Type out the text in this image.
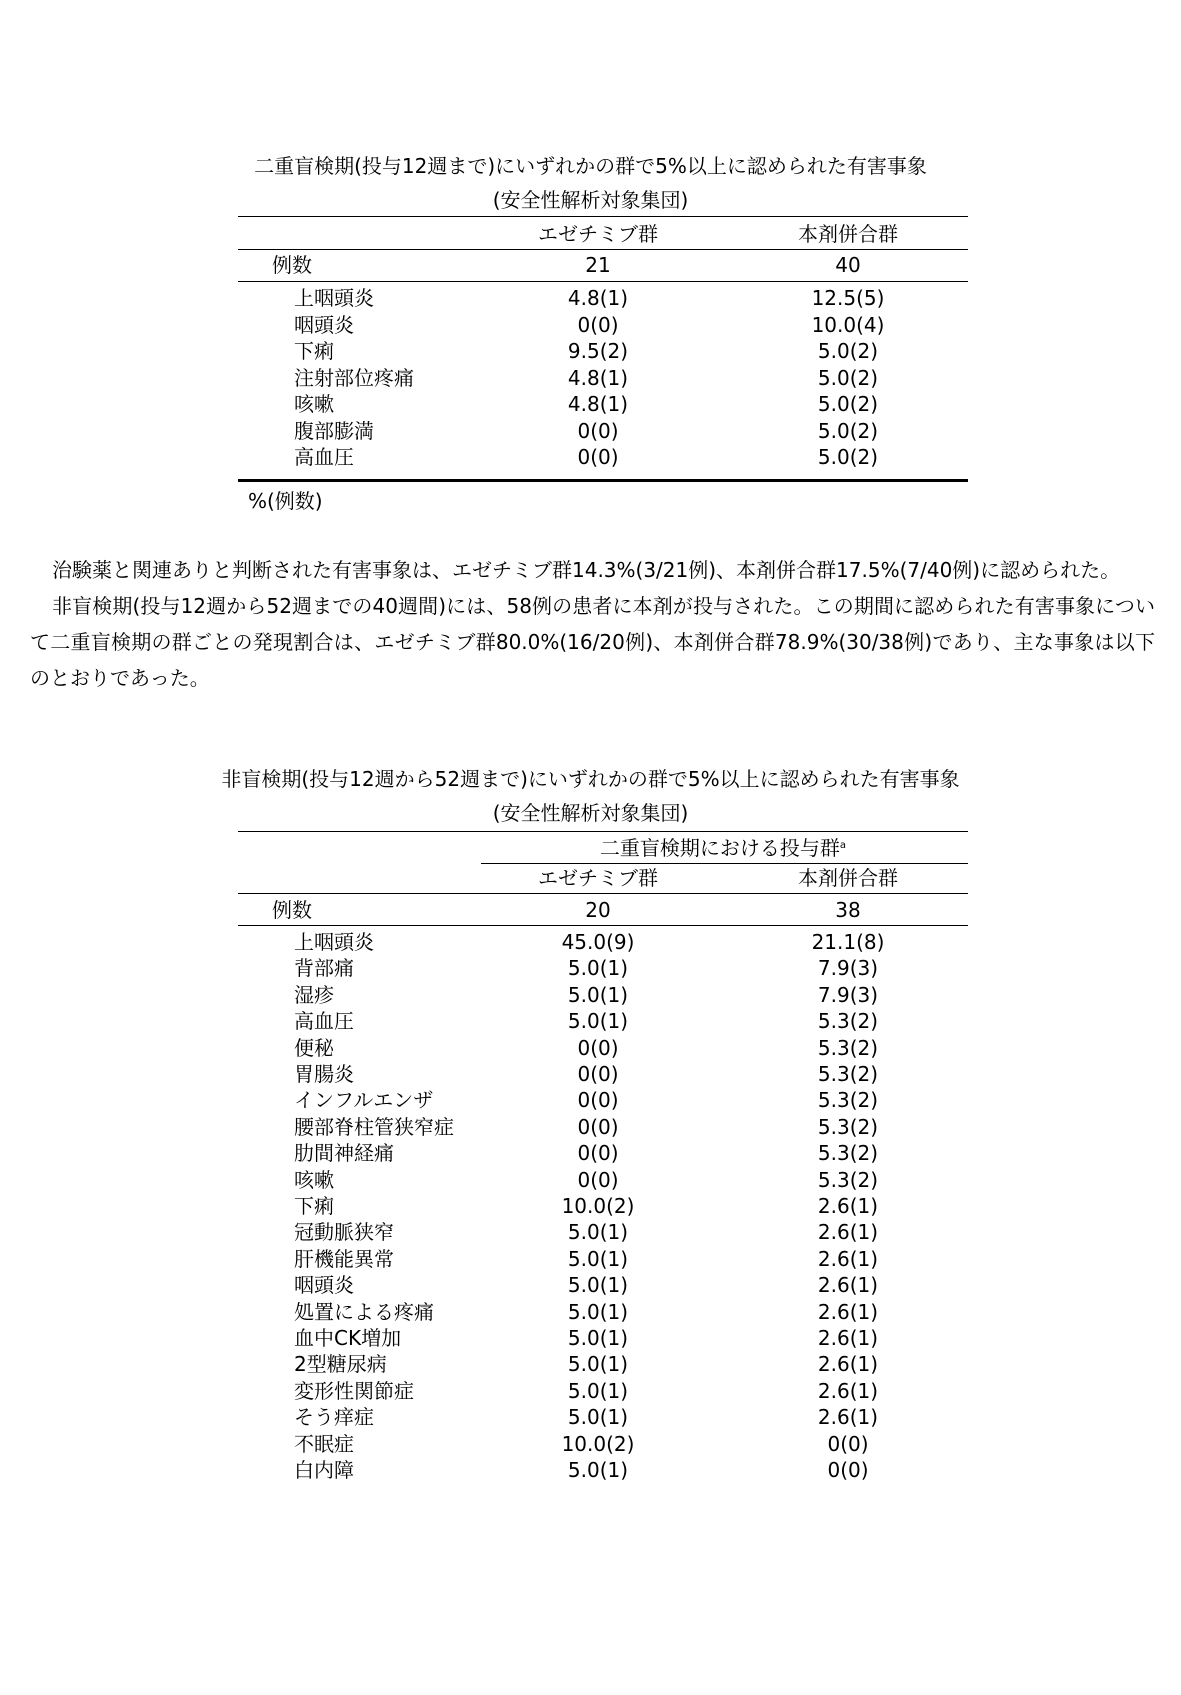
二重盲検期(投与12週まで)にいずれかの群で5%以上に認められた有害事象
(安全性解析対象集団)
エゼチミブ群	本剤併合群
例数	21	40
上咽頭炎	4.8(1)	12.5(5)
咽頭炎	0(0)	10.0(4)
下痢	9.5(2)	5.0(2)
注射部位疼痛	4.8(1)	5.0(2)
咳嗽	4.8(1)	5.0(2)
腹部膨満	0(0)	5.0(2)
高血圧	0(0)	5.0(2)
%(例数)

治験薬と関連ありと判断された有害事象は、エゼチミブ群14.3%(3/21例)、本剤併合群17.5%(7/40例)に認められた。

非盲検期(投与12週から52週までの40週間)には、58例の患者に本剤が投与された。この期間に認められた有害事象について二重盲検期の群ごとの発現割合は、エゼチミブ群80.0%(16/20例)、本剤併合群78.9%(30/38例)であり、主な事象は以下のとおりであった。

非盲検期(投与12週から52週まで)にいずれかの群で5%以上に認められた有害事象
(安全性解析対象集団)
二重盲検期における投与群$^a$
エゼチミブ群	本剤併合群
例数	20	38
上咽頭炎	45.0(9)	21.1(8)
背部痛	5.0(1)	7.9(3)
湿疹	5.0(1)	7.9(3)
高血圧	5.0(1)	5.3(2)
便秘	0(0)	5.3(2)
胃腸炎	0(0)	5.3(2)
インフルエンザ	0(0)	5.3(2)
腰部脊柱管狭窄症	0(0)	5.3(2)
肋間神経痛	0(0)	5.3(2)
咳嗽	0(0)	5.3(2)
下痢	10.0(2)	2.6(1)
冠動脈狭窄	5.0(1)	2.6(1)
肝機能異常	5.0(1)	2.6(1)
咽頭炎	5.0(1)	2.6(1)
処置による疼痛	5.0(1)	2.6(1)
血中CK増加	5.0(1)	2.6(1)
2型糖尿病	5.0(1)	2.6(1)
変形性関節症	5.0(1)	2.6(1)
そう痒症	5.0(1)	2.6(1)
不眠症	10.0(2)	0(0)
白内障	5.0(1)	0(0)
